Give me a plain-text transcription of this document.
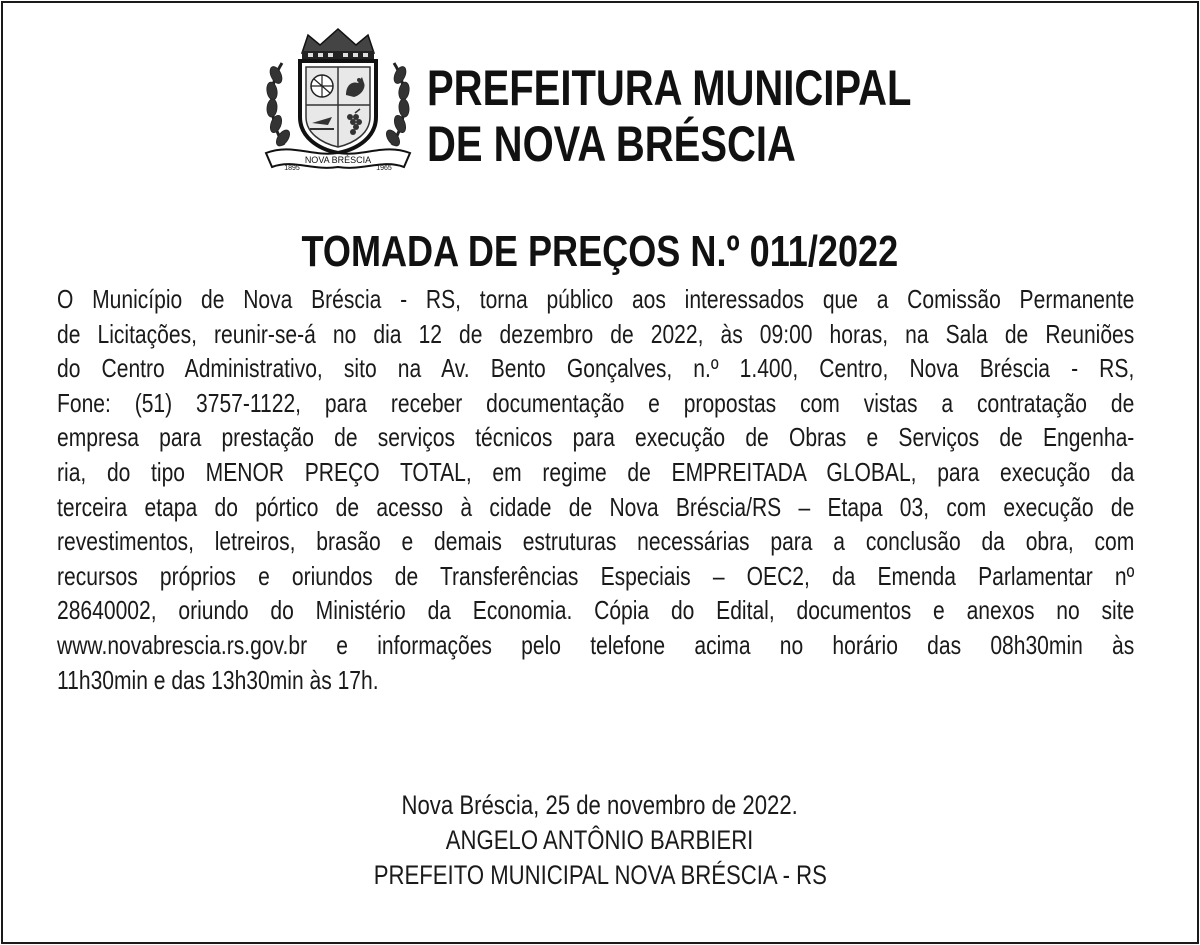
NOVA BRÉSCIA
1895	1965
PREFEITURA MUNICIPAL
DE NOVA BRÉSCIA
TOMADA DE PREÇOS N.º 011/2022
O Município de Nova Bréscia - RS, torna público aos interessados que a Comissão Permanente
de Licitações, reunir-se-á no dia 12 de dezembro de 2022, às 09:00 horas, na Sala de Reuniões
do Centro Administrativo, sito na Av. Bento Gonçalves, n.º 1.400, Centro, Nova Bréscia - RS,
Fone: (51) 3757-1122, para receber documentação e propostas com vistas a contratação de
empresa para prestação de serviços técnicos para execução de Obras e Serviços de Engenha-
ria, do tipo MENOR PREÇO TOTAL, em regime de EMPREITADA GLOBAL, para execução da
terceira etapa do pórtico de acesso à cidade de Nova Bréscia/RS – Etapa 03, com execução de
revestimentos, letreiros, brasão e demais estruturas necessárias para a conclusão da obra, com
recursos próprios e oriundos de Transferências Especiais – OEC2, da Emenda Parlamentar nº
28640002, oriundo do Ministério da Economia. Cópia do Edital, documentos e anexos no site
www.novabrescia.rs.gov.br e informações pelo telefone acima no horário das 08h30min às
11h30min e das 13h30min às 17h.
Nova Bréscia, 25 de novembro de 2022.
ANGELO ANTÔNIO BARBIERI
PREFEITO MUNICIPAL NOVA BRÉSCIA - RS
